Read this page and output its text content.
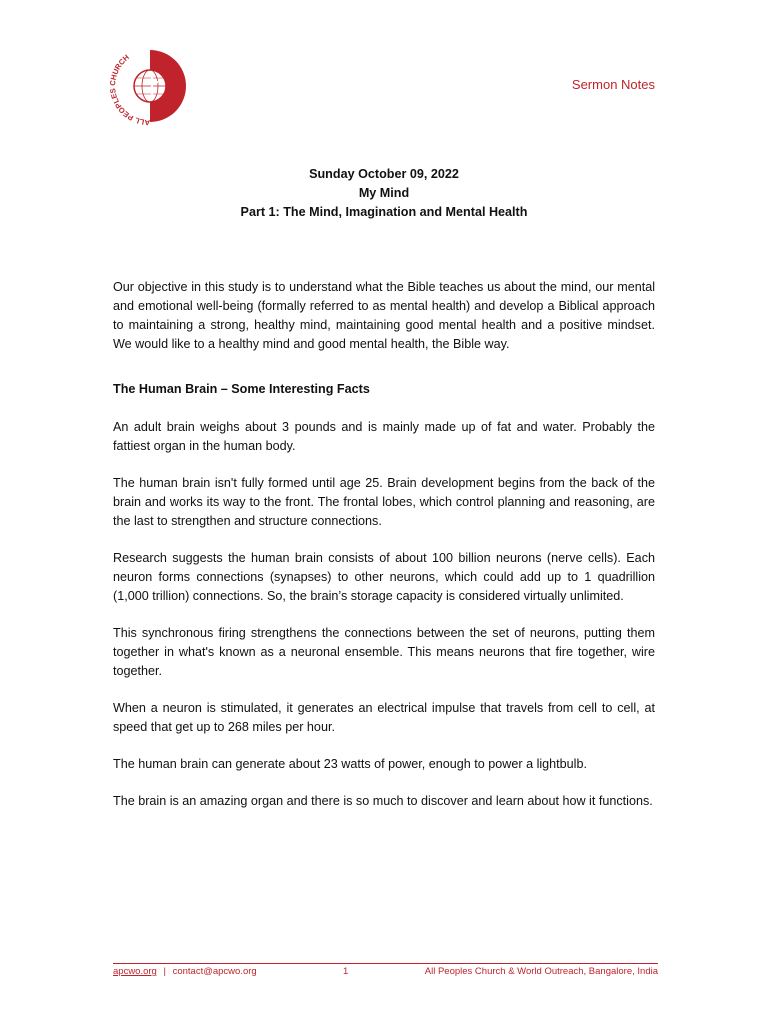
ALL PEOPLES CHURCH
Sermon Notes
Sunday October 09, 2022
My Mind
Part 1: The Mind, Imagination and Mental Health

Our objective in this study is to understand what the Bible teaches us about the mind, our mental and emotional well-being (formally referred to as mental health) and develop a Biblical approach to maintaining a strong, healthy mind, maintaining good mental health and a positive mindset. We would like to a healthy mind and good mental health, the Bible way.

The Human Brain – Some Interesting Facts

An adult brain weighs about 3 pounds and is mainly made up of fat and water. Probably the fattiest organ in the human body.

The human brain isn't fully formed until age 25. Brain development begins from the back of the brain and works its way to the front. The frontal lobes, which control planning and reasoning, are the last to strengthen and structure connections.

Research suggests the human brain consists of about 100 billion neurons (nerve cells). Each neuron forms connections (synapses) to other neurons, which could add up to 1 quadrillion (1,000 trillion) connections. So, the brain’s storage capacity is considered virtually unlimited.

This synchronous firing strengthens the connections between the set of neurons, putting them together in what's known as a neuronal ensemble. This means neurons that fire together, wire together.

When a neuron is stimulated, it generates an electrical impulse that travels from cell to cell, at speed that get up to 268 miles per hour.

The human brain can generate about 23 watts of power, enough to power a lightbulb.

The brain is an amazing organ and there is so much to discover and learn about how it functions.

apcwo.org | contact@apcwo.org	1	All Peoples Church & World Outreach, Bangalore, India
